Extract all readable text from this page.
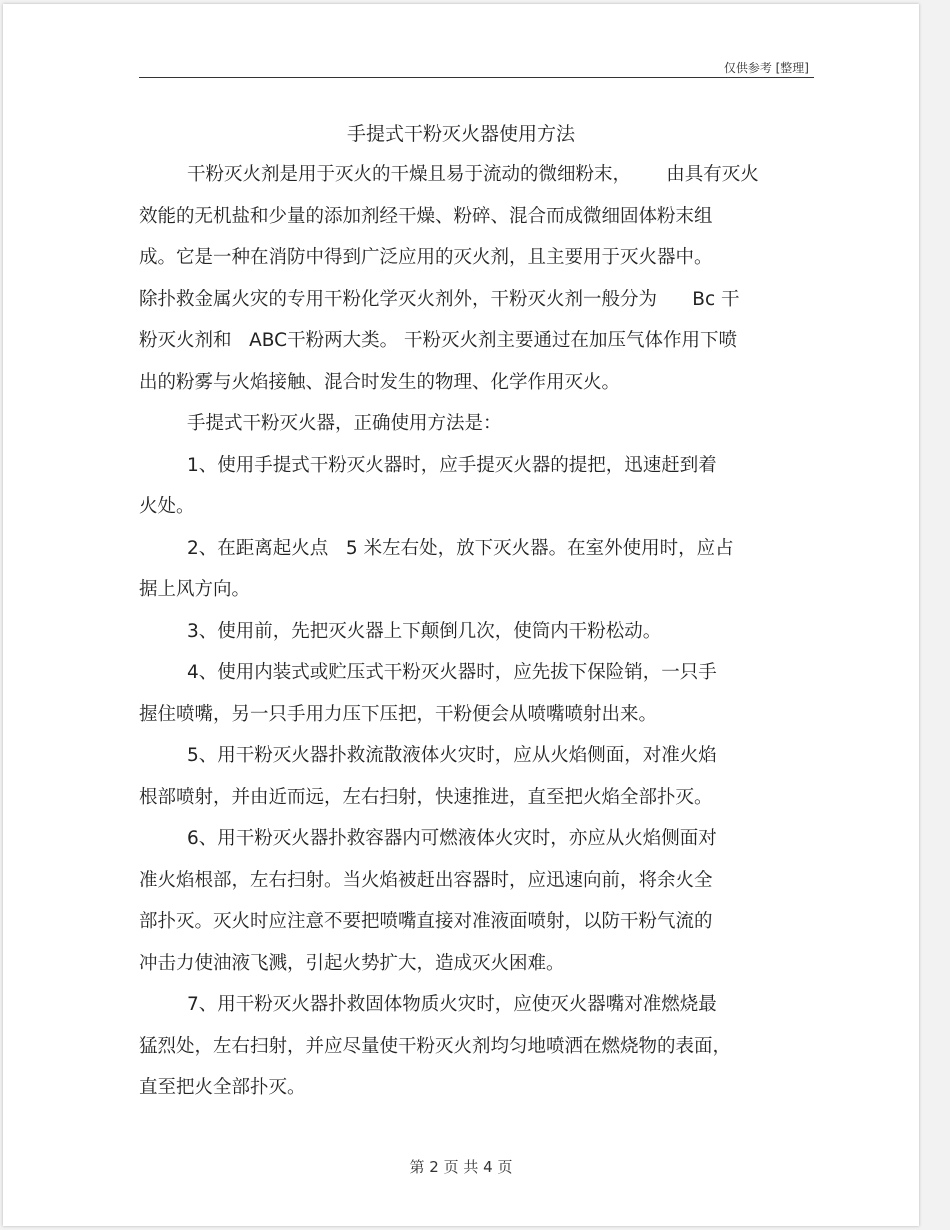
仅供参考 [整理]
手提式干粉灭火器使用方法
干粉灭火剂是用于灭火的干燥且易于流动的微细粉末，      由具有灭火
效能的无机盐和少量的添加剂经干燥、粉碎、混合而成微细固体粉末组
成。它是一种在消防中得到广泛应用的灭火剂，且主要用于灭火器中。
除扑救金属火灾的专用干粉化学灭火剂外，干粉灭火剂一般分为      Bc 干
粉灭火剂和   ABC干粉两大类。 干粉灭火剂主要通过在加压气体作用下喷
出的粉雾与火焰接触、混合时发生的物理、化学作用灭火。
手提式干粉灭火器，正确使用方法是：
1、使用手提式干粉灭火器时，应手提灭火器的提把，迅速赶到着
火处。
2、在距离起火点   5 米左右处，放下灭火器。在室外使用时，应占
据上风方向。
3、使用前，先把灭火器上下颠倒几次，使筒内干粉松动。
4、使用内装式或贮压式干粉灭火器时，应先拔下保险销，一只手
握住喷嘴，另一只手用力压下压把，干粉便会从喷嘴喷射出来。
5、用干粉灭火器扑救流散液体火灾时，应从火焰侧面，对准火焰
根部喷射，并由近而远，左右扫射，快速推进，直至把火焰全部扑灭。
6、用干粉灭火器扑救容器内可燃液体火灾时，亦应从火焰侧面对
准火焰根部，左右扫射。当火焰被赶出容器时，应迅速向前，将余火全
部扑灭。灭火时应注意不要把喷嘴直接对准液面喷射，以防干粉气流的
冲击力使油液飞溅，引起火势扩大，造成灭火困难。
7、用干粉灭火器扑救固体物质火灾时，应使灭火器嘴对准燃烧最
猛烈处，左右扫射，并应尽量使干粉灭火剂均匀地喷洒在燃烧物的表面，
直至把火全部扑灭。
第 2 页 共 4 页
